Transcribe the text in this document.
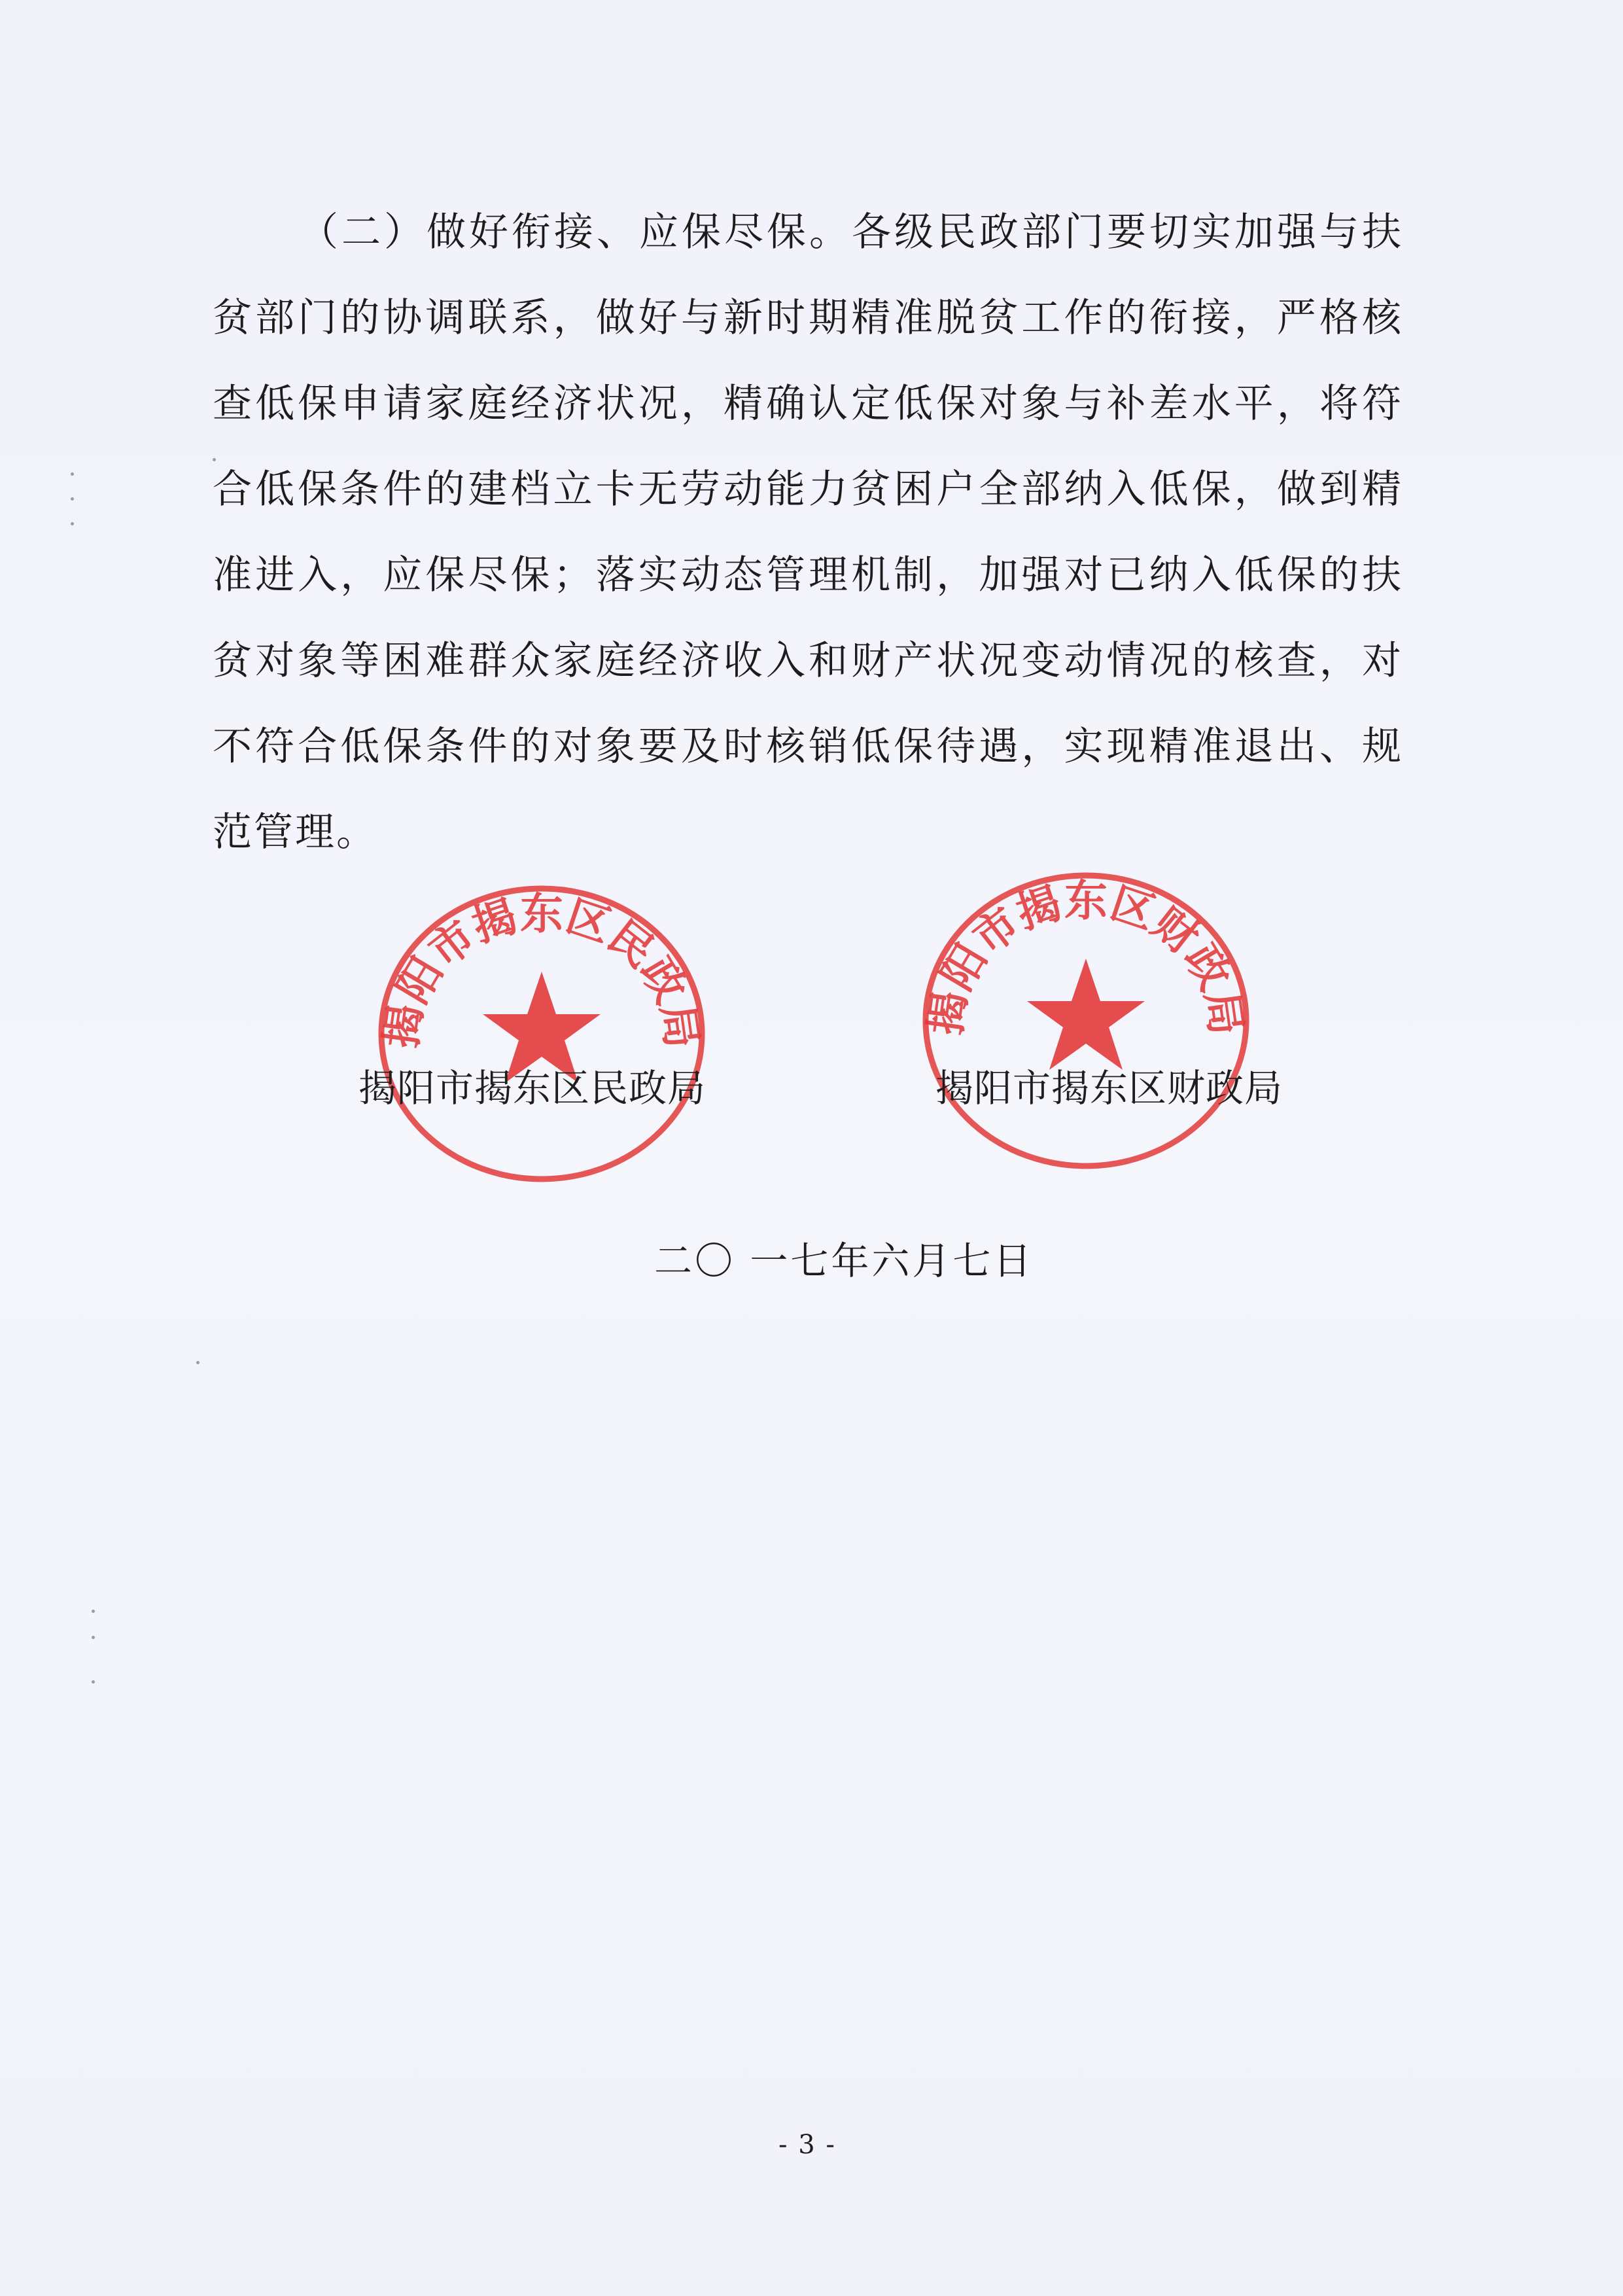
（二）做好衔接、应保尽保。各级民政部门要切实加强与扶贫部门的协调联系，做好与新时期精准脱贫工作的衔接，严格核查低保申请家庭经济状况，精确认定低保对象与补差水平，将符合低保条件的建档立卡无劳动能力贫困户全部纳入低保，做到精准进入，应保尽保；落实动态管理机制，加强对已纳入低保的扶贫对象等困难群众家庭经济收入和财产状况变动情况的核查，对不符合低保条件的对象要及时核销低保待遇，实现精准退出、规范管理。

揭阳市揭东区民政局	揭阳市揭东区财政局
揭阳市揭东区民政局	揭阳市揭东区财政局
二〇 一七年六月七日
- 3 -
